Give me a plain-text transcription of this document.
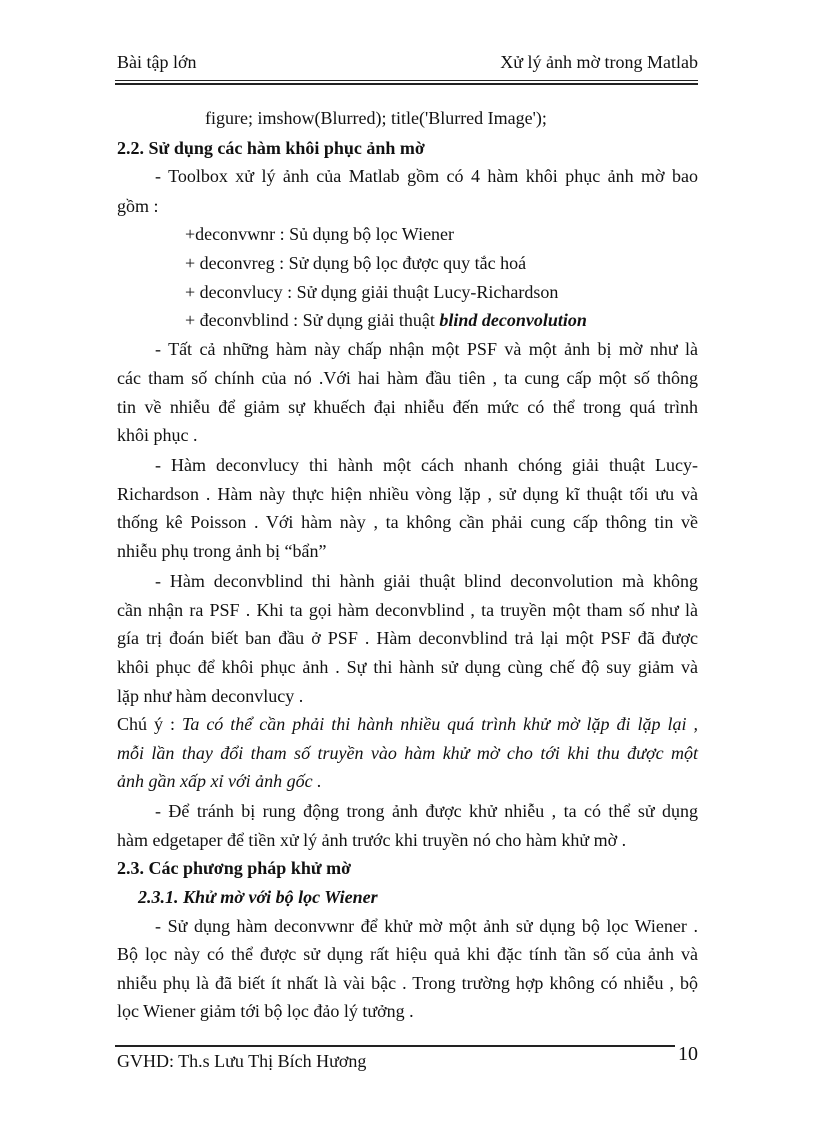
Bài tập lớn	Xử lý ảnh mờ trong Matlab
figure; imshow(Blurred); title('Blurred Image');
2.2. Sử dụng các hàm khôi phục ảnh mờ
- Toolbox xử lý ảnh của Matlab gồm có 4 hàm khôi phục ảnh mờ bao
gồm :
+deconvwnr : Sủ dụng bộ lọc Wiener
+ deconvreg : Sử dụng bộ lọc được quy tắc hoá
+ deconvlucy : Sử dụng giải thuật Lucy-Richardson
+ đeconvblind : Sử dụng giải thuật blind deconvolution
- Tất cả những hàm này chấp nhận một PSF và một ảnh bị mờ như là
các tham số chính của nó .Với hai hàm đầu tiên , ta cung cấp một số thông
tin về nhiễu để giảm sự khuếch đại nhiễu đến mức có thể trong quá trình
khôi phục .
- Hàm deconvlucy thi hành một cách nhanh chóng giải thuật Lucy-
Richardson . Hàm này thực hiện nhiều vòng lặp , sử dụng kĩ thuật tối ưu và
thống kê Poisson . Với hàm này , ta không cần phải cung cấp thông tin về
nhiễu phụ trong ảnh bị “bẩn”
- Hàm deconvblind thi hành giải thuật blind deconvolution mà không
cần nhận ra PSF . Khi ta gọi hàm deconvblind , ta truyền một tham số như là
gía trị đoán biết ban đầu ở PSF . Hàm deconvblind trả lại một PSF đã được
khôi phục để khôi phục ảnh . Sự thi hành sử dụng cùng chế độ suy giảm và
lặp như hàm deconvlucy .
Chú ý : Ta có thể cần phải thi hành nhiều quá trình khử mờ lặp đi lặp lại ,
mỗi lần thay đổi tham số truyền vào hàm khử mờ cho tới khi thu được một
ảnh gần xấp xỉ với ảnh gốc .
- Để tránh bị rung động trong ảnh được khử nhiễu , ta có thể sử dụng
hàm edgetaper để tiền xử lý ảnh trước khi truyền nó cho hàm khử mờ .
2.3. Các phương pháp khử mờ
2.3.1. Khử mờ với bộ lọc Wiener
- Sử dụng hàm deconvwnr để khử mờ một ảnh sử dụng bộ lọc Wiener .
Bộ lọc này có thể được sử dụng rất hiệu quả khi đặc tính tần số của ảnh và
nhiễu phụ là đã biết ít nhất là vài bậc . Trong trường hợp không có nhiễu , bộ
lọc Wiener giảm tới bộ lọc đảo lý tưởng .
GVHD: Th.s Lưu Thị Bích Hương	10
